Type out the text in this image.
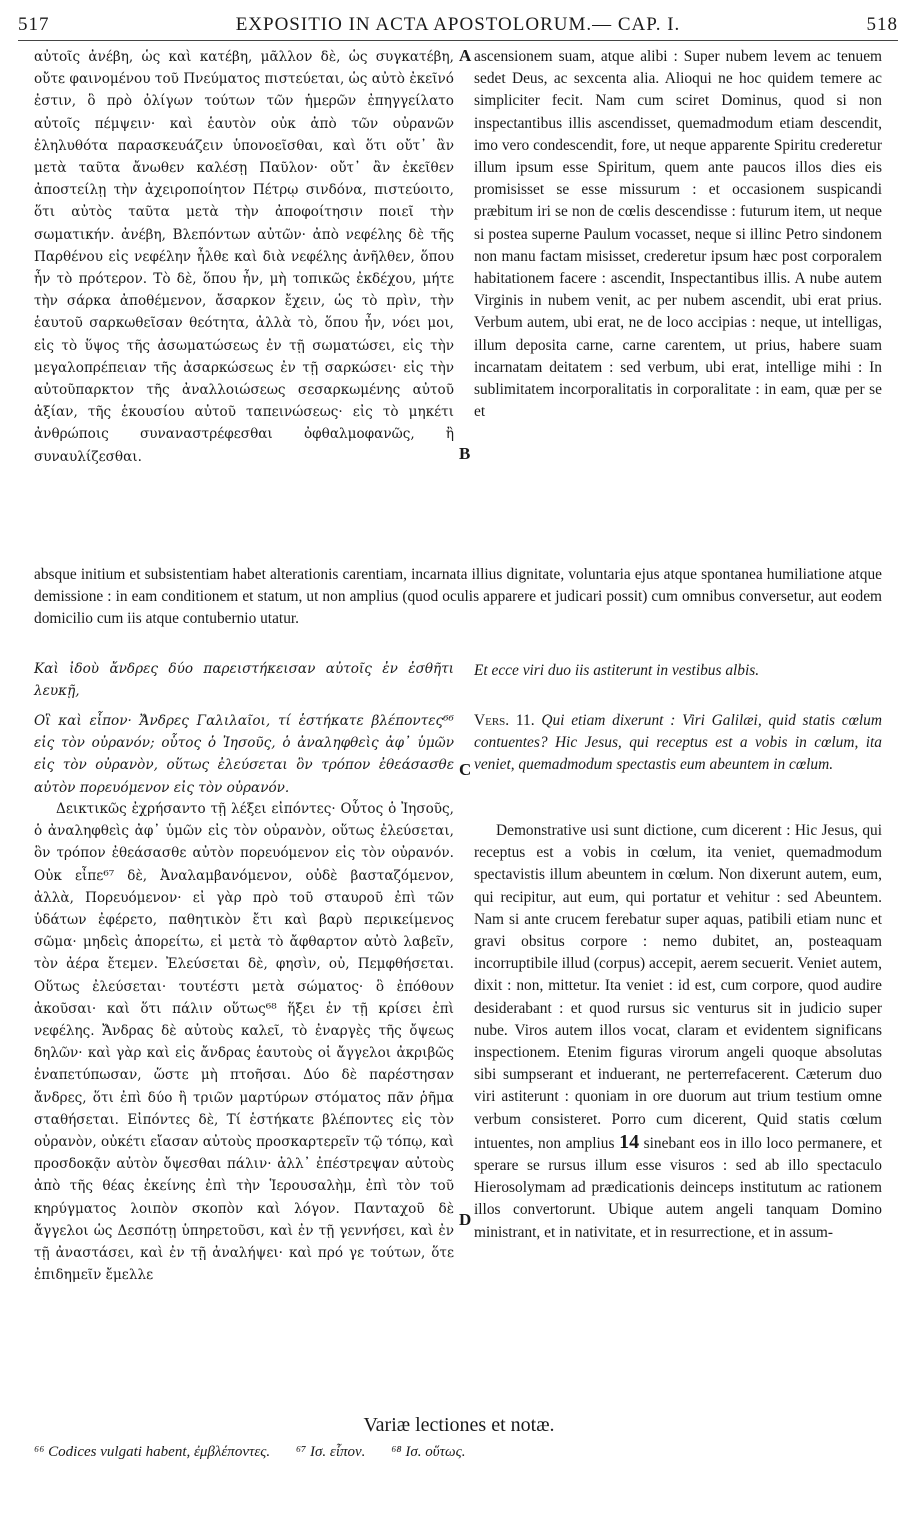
517	EXPOSITIO IN ACTA APOSTOLORUM.— CAP. I.	518

αὐτοῖς ἀνέβη, ὡς καὶ κατέβη, μᾶλλον δὲ, ὡς συγκατέβη, οὔτε φαινομένου τοῦ Πνεύματος πιστεύεται, ὡς αὐτὸ ἐκεῖνό ἐστιν, ὃ πρὸ ὀλίγων τούτων τῶν ἡμερῶν ἐπηγγείλατο αὐτοῖς πέμψειν· καὶ ἑαυτὸν οὐκ ἀπὸ τῶν οὐρανῶν ἐληλυθότα παρασκευάζειν ὑπονοεῖσθαι, καὶ ὅτι οὔτ᾽ ἂν μετὰ ταῦτα ἄνωθεν καλέσῃ Παῦλον· οὔτ᾽ ἂν ἐκεῖθεν ἀποστείλῃ τὴν ἀχειροποίητον Πέτρῳ σινδόνα, πιστεύοιτο, ὅτι αὐτὸς ταῦτα μετὰ τὴν ἀποφοίτησιν ποιεῖ τὴν σωματικήν. ἀνέβη, Βλεπόντων αὐτῶν· ἀπὸ νεφέλης δὲ τῆς Παρθένου εἰς νεφέλην ἦλθε καὶ διὰ νεφέλης ἀνῆλθεν, ὅπου ἦν τὸ πρότερον. Τὸ δὲ, ὅπου ἦν, μὴ τοπικῶς ἐκδέχου, μήτε τὴν σάρκα ἀποθέμενον, ἄσαρκον ἔχειν, ὡς τὸ πρὶν, τὴν ἑαυτοῦ σαρκωθεῖσαν θεότητα, ἀλλὰ τὸ, ὅπου ἦν, νόει μοι, εἰς τὸ ὕψος τῆς ἀσωματώσεως ἐν τῇ σωματώσει, εἰς τὴν μεγαλοπρέπειαν τῆς ἀσαρκώσεως ἐν τῇ σαρκώσει· εἰς τὴν αὐτοῦπαρκτον τῆς ἀναλλοιώσεως σεσαρκωμένης αὐτοῦ ἀξίαν, τῆς ἑκουσίου αὐτοῦ ταπεινώσεως· εἰς τὸ μηκέτι ἀνθρώποις συναναστρέφεσθαι ὀφθαλμοφανῶς, ἢ συναυλίζεσθαι.

ascensionem suam, atque alibi : Super nubem levem ac tenuem sedet Deus, ac sexcenta alia. Alioqui ne hoc quidem temere ac simpliciter fecit. Nam cum sciret Dominus, quod si non inspectantibus illis ascendisset, quemadmodum etiam descendit, imo vero condescendit, fore, ut neque apparente Spiritu crederetur illum ipsum esse Spiritum, quem ante paucos illos dies eis promisisset se esse missurum : et occasionem suspicandi præbitum iri se non de cœlis descendisse : futurum item, ut neque si postea superne Paulum vocasset, neque si illinc Petro sindonem non manu factam misisset, crederetur ipsum hæc post corporalem habitationem facere : ascendit, Inspectantibus illis. A nube autem Virginis in nubem venit, ac per nubem ascendit, ubi erat prius. Verbum autem, ubi erat, ne de loco accipias : neque, ut intelligas, illum deposita carne, carne carentem, ut prius, habere suam incarnatam deitatem : sed verbum, ubi erat, intellige mihi : In sublimitatem incorporalitatis in corporalitate : in eam, quæ per se et

absque initium et subsistentiam habet alterationis carentiam, incarnata illius dignitate, voluntaria ejus atque spontanea humiliatione atque demissione : in eam conditionem et statum, ut non amplius (quod oculis apparere et judicari possit) cum omnibus conversetur, aut eodem domicilio cum iis atque contubernio utatur.

Καὶ ἰδοὺ ἄνδρες δύο παρειστήκεισαν αὐτοῖς ἐν ἐσθῆτι λευκῇ,

Et ecce viri duo iis astiterunt in vestibus albis.

Οἳ καὶ εἶπον· Ἄνδρες Γαλιλαῖοι, τί ἑστήκατε βλέποντες⁶⁶ εἰς τὸν οὐρανόν; οὗτος ὁ Ἰησοῦς, ὁ ἀναληφθεὶς ἀφ᾽ ὑμῶν εἰς τὸν οὐρανὸν, οὕτως ἐλεύσεται ὃν τρόπον ἐθεάσασθε αὐτὸν πορευόμενον εἰς τὸν οὐρανόν.

Vers. 11. Qui etiam dixerunt : Viri Galilæi, quid statis cœlum contuentes? Hic Jesus, qui receptus est a vobis in cœlum, ita veniet, quemadmodum spectastis eum abeuntem in cœlum.

Δεικτικῶς ἐχρήσαντο τῇ λέξει εἰπόντες· Οὗτος ὁ Ἰησοῦς, ὁ ἀναληφθεὶς ἀφ᾽ ὑμῶν εἰς τὸν οὐρανὸν, οὕτως ἐλεύσεται, ὃν τρόπον ἐθεάσασθε αὐτὸν πορευόμενον εἰς τὸν οὐρανόν. Οὐκ εἶπε⁶⁷ δὲ, Ἀναλαμβανόμενον, οὐδὲ βασταζόμενον, ἀλλὰ, Πορευόμενον· εἰ γὰρ πρὸ τοῦ σταυροῦ ἐπὶ τῶν ὑδάτων ἐφέρετο, παθητικὸν ἔτι καὶ βαρὺ περικείμενος σῶμα· μηδεὶς ἀπορείτω, εἰ μετὰ τὸ ἄφθαρτον αὐτὸ λαβεῖν, τὸν ἀέρα ἔτεμεν. Ἐλεύσεται δὲ, φησὶν, οὐ, Πεμφθήσεται. Οὕτως ἐλεύσεται· τουτέστι μετὰ σώματος· ὃ ἐπόθουν ἀκοῦσαι· καὶ ὅτι πάλιν οὕτως⁶⁸ ἥξει ἐν τῇ κρίσει ἐπὶ νεφέλης. Ἄνδρας δὲ αὐτοὺς καλεῖ, τὸ ἐναργὲς τῆς ὄψεως δηλῶν· καὶ γὰρ καὶ εἰς ἄνδρας ἑαυτοὺς οἱ ἄγγελοι ἀκριβῶς ἐναπετύπωσαν, ὥστε μὴ πτοῆσαι. Δύο δὲ παρέστησαν ἄνδρες, ὅτι ἐπὶ δύο ἢ τριῶν μαρτύρων στόματος πᾶν ῥῆμα σταθήσεται. Εἰπόντες δὲ, Τί ἑστήκατε βλέποντες εἰς τὸν οὐρανὸν, οὐκέτι εἴασαν αὐτοὺς προσκαρτερεῖν τῷ τόπῳ, καὶ προσδοκᾷν αὐτὸν ὄψεσθαι πάλιν· ἀλλ᾽ ἐπέστρεψαν αὐτοὺς ἀπὸ τῆς θέας ἐκείνης ἐπὶ τὴν Ἱερουσαλὴμ, ἐπὶ τὸν τοῦ κηρύγματος λοιπὸν σκοπὸν καὶ λόγον. Πανταχοῦ δὲ ἄγγελοι ὡς Δεσπότῃ ὑπηρετοῦσι, καὶ ἐν τῇ γεννήσει, καὶ ἐν τῇ ἀναστάσει, καὶ ἐν τῇ ἀναλήψει· καὶ πρό γε τούτων, ὅτε ἐπιδημεῖν ἔμελλε

Demonstrative usi sunt dictione, cum dicerent : Hic Jesus, qui receptus est a vobis in cœlum, ita veniet, quemadmodum spectavistis illum abeuntem in cœlum. Non dixerunt autem, eum, qui recipitur, aut eum, qui portatur et vehitur : sed Abeuntem. Nam si ante crucem ferebatur super aquas, patibili etiam nunc et gravi obsitus corpore : nemo dubitet, an, posteaquam incorruptibile illud (corpus) accepit, aerem secuerit. Veniet autem, dixit : non, mittetur. Ita veniet : id est, cum corpore, quod audire desiderabant : et quod rursus sic venturus sit in judicio super nube. Viros autem illos vocat, claram et evidentem significans inspectionem. Etenim figuras virorum angeli quoque absolutas sibi sumpserant et induerant, ne perterrefacerent. Cæterum duo viri astiterunt : quoniam in ore duorum aut trium testium omne verbum consisteret. Porro cum dicerent, Quid statis cœlum intuentes, non amplius 14 sinebant eos in illo loco permanere, et sperare se rursus illum esse visuros : sed ab illo spectaculo Hierosolymam ad prædicationis deinceps institutum ac rationem illos convertorunt. Ubique autem angeli tanquam Domino ministrant, et in nativitate, et in resurrectione, et in assum-

A
B
C
D
Variæ lectiones et notæ.
⁶⁶ Codices vulgati habent, ἐμβλέποντες. ⁶⁷ Ισ. εἶπον. ⁶⁸ Ισ. οὕτως.
